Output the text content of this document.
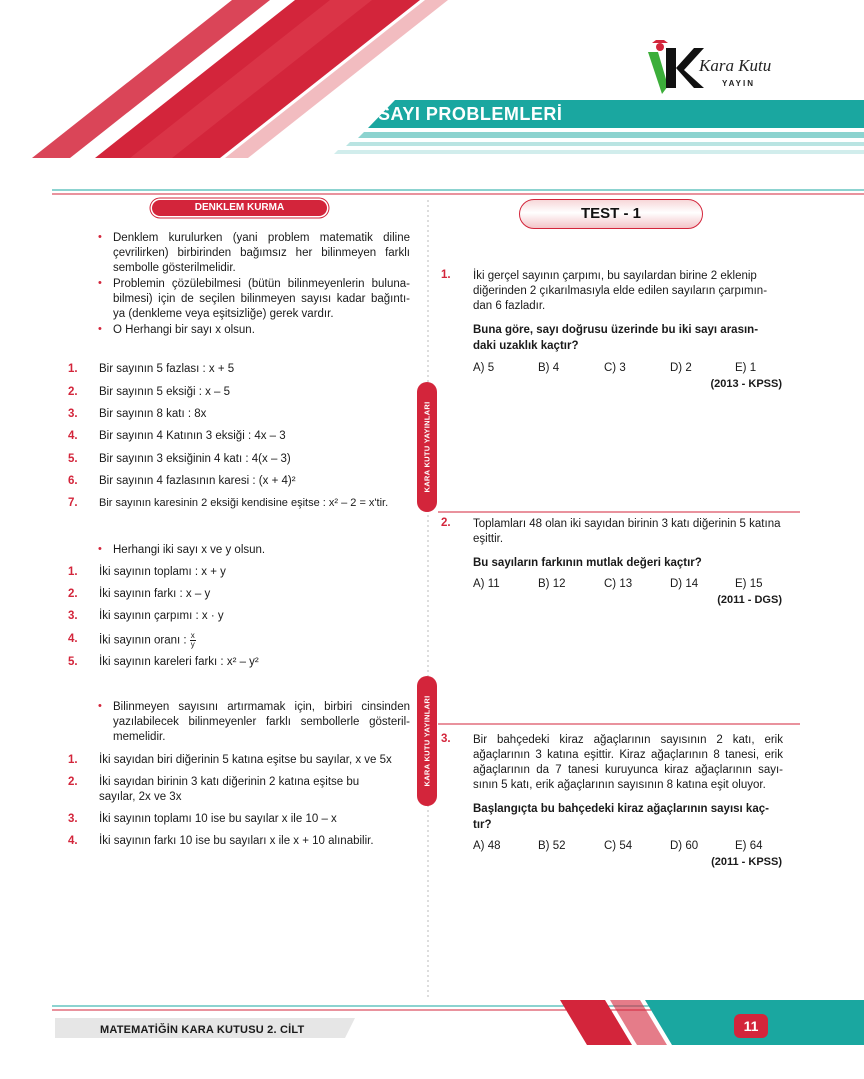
SAYI PROBLEMLERİ
Kara Kutu
YAYIN
DENKLEM KURMA
• Denklem kurulurken (yani problem matematik diline
çevrilirken) birbirinden bağımsız her bilinmeyen farklı
sembolle gösterilmelidir.
• Problemin çözülebilmesi (bütün bilinmeyenlerin buluna-
bilmesi) için de seçilen bilinmeyen sayısı kadar bağıntı-
ya (denkleme veya eşitsizliğe) gerek vardır.
• O Herhangi bir sayı x olsun.
1. Bir sayının 5 fazlası : x + 5
2. Bir sayının 5 eksiği : x – 5
3. Bir sayının 8 katı : 8x
4. Bir sayının 4 Katının 3 eksiği : 4x – 3
5. Bir sayının 3 eksiğinin 4 katı : 4(x – 3)
6. Bir sayının 4 fazlasının karesi : (x + 4)²
7. Bir sayının karesinin 2 eksiği kendisine eşitse : x² – 2 = x'tir.
• Herhangi iki sayı x ve y olsun.
1. İki sayının toplamı : x + y
2. İki sayının farkı : x – y
3. İki sayının çarpımı : x · y
4. İki sayının oranı : $\frac{x}{y}$
5. İki sayının kareleri farkı : x² – y²
• Bilinmeyen sayısını artırmamak için, birbiri cinsinden
yazılabilecek bilinmeyenler farklı sembollerle gösteril-
memelidir.
1. İki sayıdan biri diğerinin 5 katına eşitse bu sayılar, x ve 5x
2. İki sayıdan birinin 3 katı diğerinin 2 katına eşitse bu
sayılar, 2x ve 3x
3. İki sayının toplamı 10 ise bu sayılar x ile 10 – x
4. İki sayının farkı 10 ise bu sayıları x ile x + 10 alınabilir.
KARA KUTU YAYINLARI
KARA KUTU YAYINLARI
TEST - 1
1. İki gerçel sayının çarpımı, bu sayılardan birine 2 eklenip
diğerinden 2 çıkarılmasıyla elde edilen sayıların çarpımın-
dan 6 fazladır.
Buna göre, sayı doğrusu üzerinde bu iki sayı arasın-
daki uzaklık kaçtır?
A) 5	B) 4	C) 3	D) 2	E) 1
(2013 - KPSS)
2. Toplamları 48 olan iki sayıdan birinin 3 katı diğerinin 5 katına
eşittir.
Bu sayıların farkının mutlak değeri kaçtır?
A) 11	B) 12	C) 13	D) 14	E) 15
(2011 - DGS)
3. Bir bahçedeki kiraz ağaçlarının sayısının 2 katı, erik
ağaçlarının 3 katına eşittir. Kiraz ağaçlarının 8 tanesi, erik
ağaçlarının da 7 tanesi kuruyunca kiraz ağaçlarının sayı-
sının 5 katı, erik ağaçlarının sayısının 8 katına eşit oluyor.
Başlangıçta bu bahçedeki kiraz ağaçlarının sayısı kaç-
tır?
A) 48	B) 52	C) 54	D) 60	E) 64
(2011 - KPSS)
MATEMATİĞİN KARA KUTUSU 2. CİLT	11
